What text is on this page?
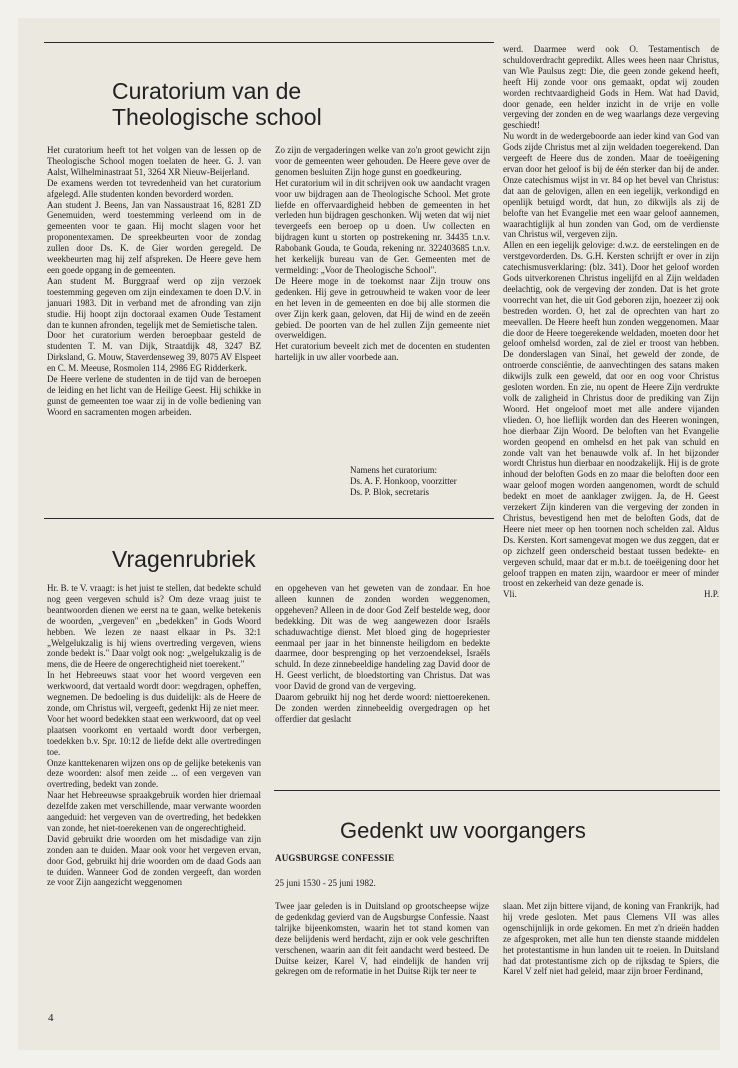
Curatorium van de
Theologische school

Het curatorium heeft tot het volgen van de lessen op de Theologische School mogen toelaten de heer. G. J. van Aalst, Wilhelminastraat 51, 3264 XR Nieuw-Beijerland.

De examens werden tot tevredenheid van het curatorium afgelegd. Alle studenten konden bevorderd worden.

Aan student J. Beens, Jan van Nassaustraat 16, 8281 ZD Genemuiden, werd toestemming verleend om in de gemeenten voor te gaan. Hij mocht slagen voor het proponentexamen. De spreekbeurten voor de zondag zullen door Ds. K. de Gier worden geregeld. De weekbeurten mag hij zelf afspreken. De Heere geve hem een goede opgang in de gemeenten.

Aan student M. Burggraaf werd op zijn verzoek toestemming gegeven om zijn eindexamen te doen D.V. in januari 1983. Dit in verband met de afronding van zijn studie. Hij hoopt zijn doctoraal examen Oude Testament dan te kunnen afronden, tegelijk met de Semietische talen.

Door het curatorium werden beroepbaar gesteld de studenten T. M. van Dijk, Straatdijk 48, 3247 BZ Dirksland, G. Mouw, Staverdenseweg 39, 8075 AV Elspeet en C. M. Meeuse, Rosmolen 114, 2986 EG Ridderkerk.

De Heere verlene de studenten in de tijd van de beroepen de leiding en het licht van de Heilige Geest. Hij schikke in gunst de gemeenten toe waar zij in de volle bediening van Woord en sacramenten mogen arbeiden.

Zo zijn de vergaderingen welke van zo'n groot gewicht zijn voor de gemeenten weer gehouden. De Heere geve over de genomen besluiten Zijn hoge gunst en goedkeuring.

Het curatorium wil in dit schrijven ook uw aandacht vragen voor uw bijdragen aan de Theologische School. Met grote liefde en offervaardigheid hebben de gemeenten in het verleden hun bijdragen geschonken. Wij weten dat wij niet tevergeefs een beroep op u doen. Uw collecten en bijdragen kunt u storten op postrekening nr. 34435 t.n.v. Rabobank Gouda, te Gouda, rekening nr. 322403685 t.n.v. het kerkelijk bureau van de Ger. Gemeenten met de vermelding: „Voor de Theologische School".

De Heere moge in de toekomst naar Zijn trouw ons gedenken. Hij geve in getrouwheid te waken voor de leer en het leven in de gemeenten en doe bij alle stormen die over Zijn kerk gaan, geloven, dat Hij de wind en de zeeën gebied. De poorten van de hel zullen Zijn gemeente niet overweldigen.

Het curatorium beveelt zich met de docenten en studenten hartelijk in uw aller voorbede aan.

Namens het curatorium:
Ds. A. F. Honkoop, voorzitter
Ds. P. Blok, secretaris
Vragenrubriek

Hr. B. te V. vraagt: is het juist te stellen, dat bedekte schuld nog geen vergeven schuld is? Om deze vraag juist te beantwoorden dienen we eerst na te gaan, welke betekenis de woorden, „vergeven" en „bedekken" in Gods Woord hebben. We lezen ze naast elkaar in Ps. 32:1 „Welgelukzalig is hij wiens overtreding vergeven, wiens zonde bedekt is." Daar volgt ook nog: „welgelukzalig is de mens, die de Heere de ongerechtigheid niet toerekent."

In het Hebreeuws staat voor het woord vergeven een werkwoord, dat vertaald wordt door: wegdragen, opheffen, wegnemen. De bedoeling is dus duidelijk: als de Heere de zonde, om Christus wil, vergeeft, gedenkt Hij ze niet meer.

Voor het woord bedekken staat een werkwoord, dat op veel plaatsen voorkomt en vertaald wordt door verbergen, toedekken b.v. Spr. 10:12 de liefde dekt alle overtredingen toe.

Onze kanttekenaren wijzen ons op de gelijke betekenis van deze woorden: alsof men zeide ... of een vergeven van overtreding, bedekt van zonde.

Naar het Hebreeuwse spraakgebruik worden hier driemaal dezelfde zaken met verschillende, maar verwante woorden aangeduid: het vergeven van de overtreding, het bedekken van zonde, het niet-toerekenen van de ongerechtigheid.

David gebruikt drie woorden om het misdadige van zijn zonden aan te duiden. Maar ook voor het vergeven ervan, door God, gebruikt hij drie woorden om de daad Gods aan te duiden. Wanneer God de zonden vergeeft, dan worden ze voor Zijn aangezicht weggenomen

en opgeheven van het geweten van de zondaar. En hoe alleen kunnen de zonden worden weggenomen, opgeheven? Alleen in de door God Zelf bestelde weg, door bedekking. Dit was de weg aangewezen door Israëls schaduwachtige dienst. Met bloed ging de hogepriester eenmaal per jaar in het binnenste heiligdom en bedekte daarmee, door besprenging op het verzoendeksel, Israëls schuld. In deze zinnebeeldige handeling zag David door de H. Geest verlicht, de bloedstorting van Christus. Dat was voor David de grond van de vergeving.

Daarom gebruikt hij nog het derde woord: niettoerekenen. De zonden werden zinnebeeldig overgedragen op het offerdier dat geslacht

werd. Daarmee werd ook O. Testamentisch de schuldoverdracht gepredikt. Alles wees heen naar Christus, van Wie Paulsus zegt: Die, die geen zonde gekend heeft, heeft Hij zonde voor ons gemaakt, opdat wij zouden worden rechtvaardigheid Gods in Hem. Wat had David, door genade, een helder inzicht in de vrije en volle vergeving der zonden en de weg waarlangs deze vergeving geschiedt!

Nu wordt in de wedergeboorde aan ieder kind van God van Gods zijde Christus met al zijn weldaden toegerekend. Dan vergeeft de Heere dus de zonden. Maar de toeëigening ervan door het geloof is bij de één sterker dan bij de ander. Onze catechismus wijst in vr. 84 op het bevel van Christus: dat aan de gelovigen, allen en een iegelijk, verkondigd en openlijk betuigd wordt, dat hun, zo dikwijls als zij de belofte van het Evangelie met een waar geloof aannemen, waarachtiglijk al hun zonden van God, om de verdienste van Christus wil, vergeven zijn.

Allen en een iegelijk gelovige: d.w.z. de eerstelingen en de verstgevorderden. Ds. G.H. Kersten schrijft er over in zijn catechismusverklaring: (blz. 341). Door het geloof worden Gods uitverkorenen Christus ingelijfd en al Zijn weldaden deelachtig, ook de vergeving der zonden. Dat is het grote voorrecht van het, die uit God geboren zijn, hoezeer zij ook bestreden worden. O, het zal de oprechten van hart zo meevallen. De Heere heeft hun zonden weggenomen. Maar die door de Heere toegerekende weldaden, moeten door het geloof omhelsd worden, zal de ziel er troost van hebben. De donderslagen van Sinaï, het geweld der zonde, de ontroerde consciëntie, de aanvechtingen des satans maken dikwijls zulk een geweld, dat oor en oog voor Christus gesloten worden. En zie, nu opent de Heere Zijn verdrukte volk de zaligheid in Christus door de prediking van Zijn Woord. Het ongeloof moet met alle andere vijanden vlieden. O, hoe lieflijk worden dan des Heeren woningen, hoe dierbaar Zijn Woord. De beloften van het Evangelie worden geopend en omhelsd en het pak van schuld en zonde valt van het benauwde volk af. In het bijzonder wordt Christus hun dierbaar en noodzakelijk. Hij is de grote inhoud der beloften Gods en zo maar die beloften door een waar geloof mogen worden aangenomen, wordt de schuld bedekt en moet de aanklager zwijgen. Ja, de H. Geest verzekert Zijn kinderen van die vergeving der zonden in Christus, bevestigend hen met de beloften Gods, dat de Heere niet meer op hen toornen noch schelden zal. Aldus Ds. Kersten. Kort samengevat mogen we dus zeggen, dat er op zichzelf geen onderscheid bestaat tussen bedekte- en vergeven schuld, maar dat er m.b.t. de toeëigening door het geloof trappen en maten zijn, waardoor er meer of minder troost en zekerheid van deze genade is.

Vli.	H.P.

Gedenkt uw voorgangers
AUGSBURGSE CONFESSIE
25 juni 1530 - 25 juni 1982.

Twee jaar geleden is in Duitsland op grootscheepse wijze de gedenkdag gevierd van de Augsburgse Confessie. Naast talrijke bijeenkomsten, waarin het tot stand komen van deze belijdenis werd herdacht, zijn er ook vele geschriften verschenen, waarin aan dit feit aandacht werd besteed. De Duitse keizer, Karel V, had eindelijk de handen vrij gekregen om de reformatie in het Duitse Rijk ter neer te

slaan. Met zijn bittere vijand, de koning van Frankrijk, had hij vrede gesloten. Met paus Clemens VII was alles ogenschijnlijk in orde gekomen. En met z'n drieën hadden ze afgesproken, met alle hun ten dienste staande middelen het protestantisme in hun landen uit te roeien. In Duitsland had dat protestantisme zich op de rijksdag te Spiers, die Karel V zelf niet had geleid, maar zijn broer Ferdinand,

4
